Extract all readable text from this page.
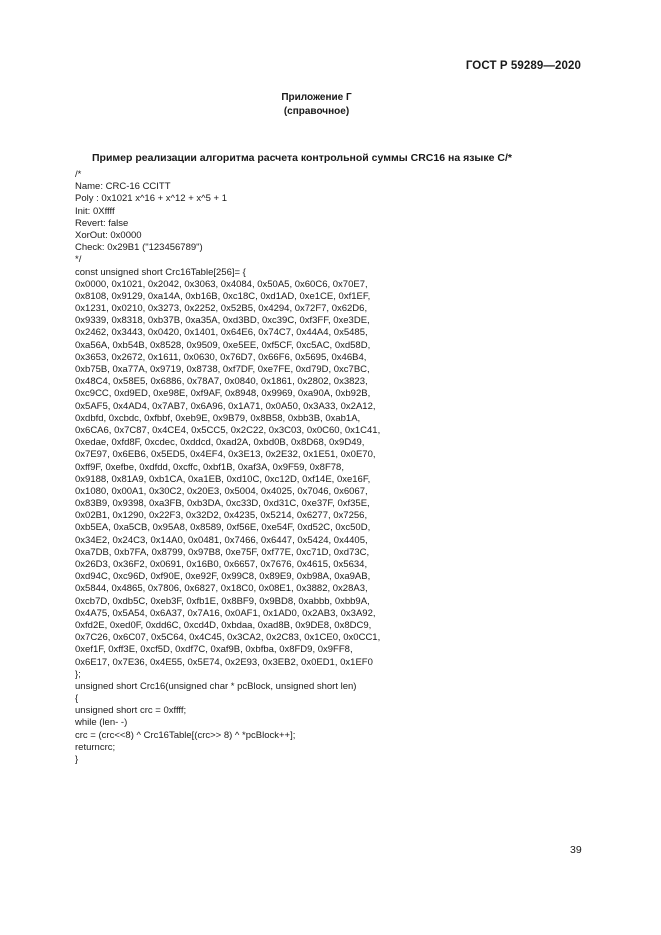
ГОСТ Р 59289—2020
Приложение Г
(справочное)
Пример реализации алгоритма расчета контрольной суммы CRC16 на языке С/*
/*
Name: CRC-16 CCITT
Poly : 0x1021 x^16 + x^12 + x^5 + 1
Init: 0Xffff
Revert: false
XorOut: 0x0000
Check: 0x29B1 ("123456789")
*/
const unsigned short Crc16Table[256]= {
0x0000, 0x1021, 0x2042, 0x3063, 0x4084, 0x50A5, 0x60C6, 0x70E7,
0x8108, 0x9129, 0xa14A, 0xb16B, 0xc18C, 0xd1AD, 0xe1CE, 0xf1EF,
0x1231, 0x0210, 0x3273, 0x2252, 0x52B5, 0x4294, 0x72F7, 0x62D6,
0x9339, 0x8318, 0xb37B, 0xa35A, 0xd3BD, 0xc39C, 0xf3FF, 0xe3DE,
0x2462, 0x3443, 0x0420, 0x1401, 0x64E6, 0x74C7, 0x44A4, 0x5485,
0xa56A, 0xb54B, 0x8528, 0x9509, 0xe5EE, 0xf5CF, 0xc5AC, 0xd58D,
0x3653, 0x2672, 0x1611, 0x0630, 0x76D7, 0x66F6, 0x5695, 0x46B4,
0xb75B, 0xa77A, 0x9719, 0x8738, 0xf7DF, 0xe7FE, 0xd79D, 0xc7BC,
0x48C4, 0x58E5, 0x6886, 0x78A7, 0x0840, 0x1861, 0x2802, 0x3823,
0xc9CC, 0xd9ED, 0xe98E, 0xf9AF, 0x8948, 0x9969, 0xa90A, 0xb92B,
0x5AF5, 0x4AD4, 0x7AB7, 0x6A96, 0x1A71, 0x0A50, 0x3A33, 0x2A12,
0xdbfd, 0xcbdc, 0xfbbf, 0xeb9E, 0x9B79, 0x8B58, 0xbb3B, 0xab1A,
0x6CA6, 0x7C87, 0x4CE4, 0x5CC5, 0x2C22, 0x3C03, 0x0C60, 0x1C41,
0xedae, 0xfd8F, 0xcdec, 0xddcd, 0xad2A, 0xbd0B, 0x8D68, 0x9D49,
0x7E97, 0x6EB6, 0x5ED5, 0x4EF4, 0x3E13, 0x2E32, 0x1E51, 0x0E70,
0xff9F, 0xefbe, 0xdfdd, 0xcffc, 0xbf1B, 0xaf3A, 0x9F59, 0x8F78,
0x9188, 0x81A9, 0xb1CA, 0xa1EB, 0xd10C, 0xc12D, 0xf14E, 0xe16F,
0x1080, 0x00A1, 0x30C2, 0x20E3, 0x5004, 0x4025, 0x7046, 0x6067,
0x83B9, 0x9398, 0xa3FB, 0xb3DA, 0xc33D, 0xd31C, 0xe37F, 0xf35E,
0x02B1, 0x1290, 0x22F3, 0x32D2, 0x4235, 0x5214, 0x6277, 0x7256,
0xb5EA, 0xa5CB, 0x95A8, 0x8589, 0xf56E, 0xe54F, 0xd52C, 0xc50D,
0x34E2, 0x24C3, 0x14A0, 0x0481, 0x7466, 0x6447, 0x5424, 0x4405,
0xa7DB, 0xb7FA, 0x8799, 0x97B8, 0xe75F, 0xf77E, 0xc71D, 0xd73C,
0x26D3, 0x36F2, 0x0691, 0x16B0, 0x6657, 0x7676, 0x4615, 0x5634,
0xd94C, 0xc96D, 0xf90E, 0xe92F, 0x99C8, 0x89E9, 0xb98A, 0xa9AB,
0x5844, 0x4865, 0x7806, 0x6827, 0x18C0, 0x08E1, 0x3882, 0x28A3,
0xcb7D, 0xdb5C, 0xeb3F, 0xfb1E, 0x8BF9, 0x9BD8, 0xabbb, 0xbb9A,
0x4A75, 0x5A54, 0x6A37, 0x7A16, 0x0AF1, 0x1AD0, 0x2AB3, 0x3A92,
0xfd2E, 0xed0F, 0xdd6C, 0xcd4D, 0xbdaa, 0xad8B, 0x9DE8, 0x8DC9,
0x7C26, 0x6C07, 0x5C64, 0x4C45, 0x3CA2, 0x2C83, 0x1CE0, 0x0CC1,
0xef1F, 0xff3E, 0xcf5D, 0xdf7C, 0xaf9B, 0xbfba, 0x8FD9, 0x9FF8,
0x6E17, 0x7E36, 0x4E55, 0x5E74, 0x2E93, 0x3EB2, 0x0ED1, 0x1EF0
};
unsigned short Crc16(unsigned char * pcBlock, unsigned short len)
{
unsigned short crc = 0xffff;
while (len- -)
crc = (crc<<8) ^ Crc16Table[(crc>> 8) ^ *pcBlock++];
returncrc;
}
39
